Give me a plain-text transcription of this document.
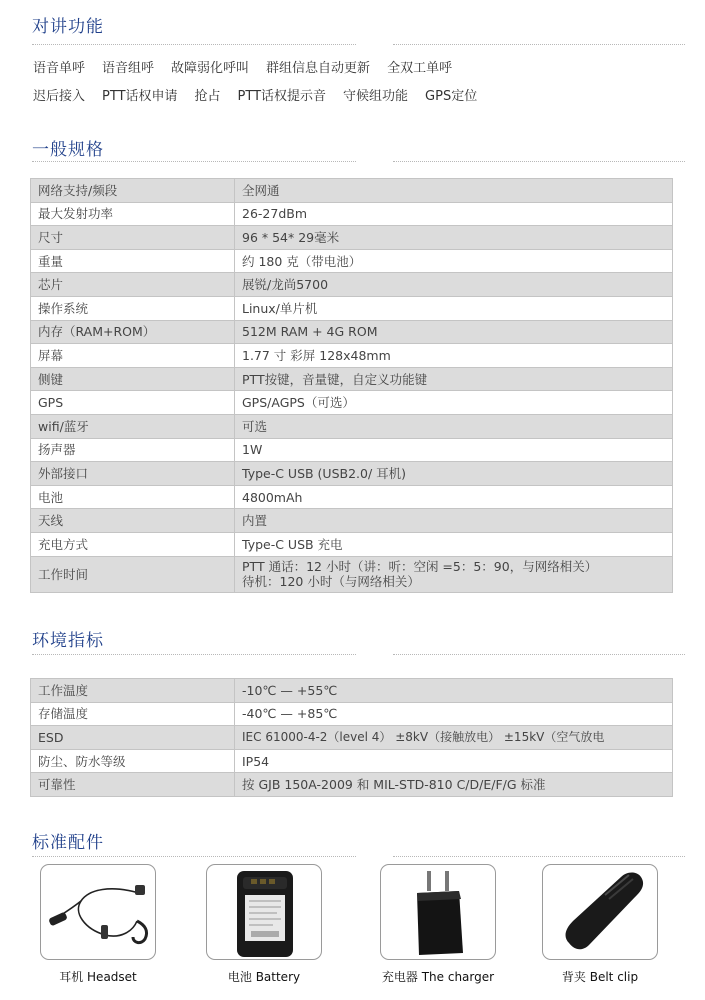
对讲功能
语音单呼 语音组呼 故障弱化呼叫 群组信息自动更新 全双工单呼
迟后接入 PTT话权申请 抢占 PTT话权提示音 守候组功能 GPS定位
一般规格
网络支持/频段	全网通
最大发射功率	26-27dBm
尺寸	96 * 54* 29毫米
重量	约 180 克（带电池）
芯片	展锐/龙尚5700
操作系统	Linux/单片机
内存（RAM+ROM）	512M RAM + 4G ROM
屏幕	1.77 寸 彩屏 128x48mm
侧键	PTT按键，音量键，自定义功能键
GPS	GPS/AGPS（可选）
wifi/蓝牙	可选
扬声器	1W
外部接口	Type-C USB (USB2.0/ 耳机)
电池	4800mAh
天线	内置
充电方式	Type-C USB 充电
工作时间	PTT 通话：12 小时（讲：听：空闲 =5：5：90，与网络相关）
待机：120 小时（与网络相关）
环境指标
工作温度	-10℃ — +55℃
存储温度	-40℃ — +85℃
ESD	IEC 61000-4-2（level 4） ±8kV（接触放电） ±15kV（空气放电
防尘、防水等级	IP54
可靠性	按 GJB 150A-2009 和 MIL-STD-810 C/D/E/F/G 标准
标准配件
耳机 Headset	电池 Battery	充电器 The charger	背夹 Belt clip
